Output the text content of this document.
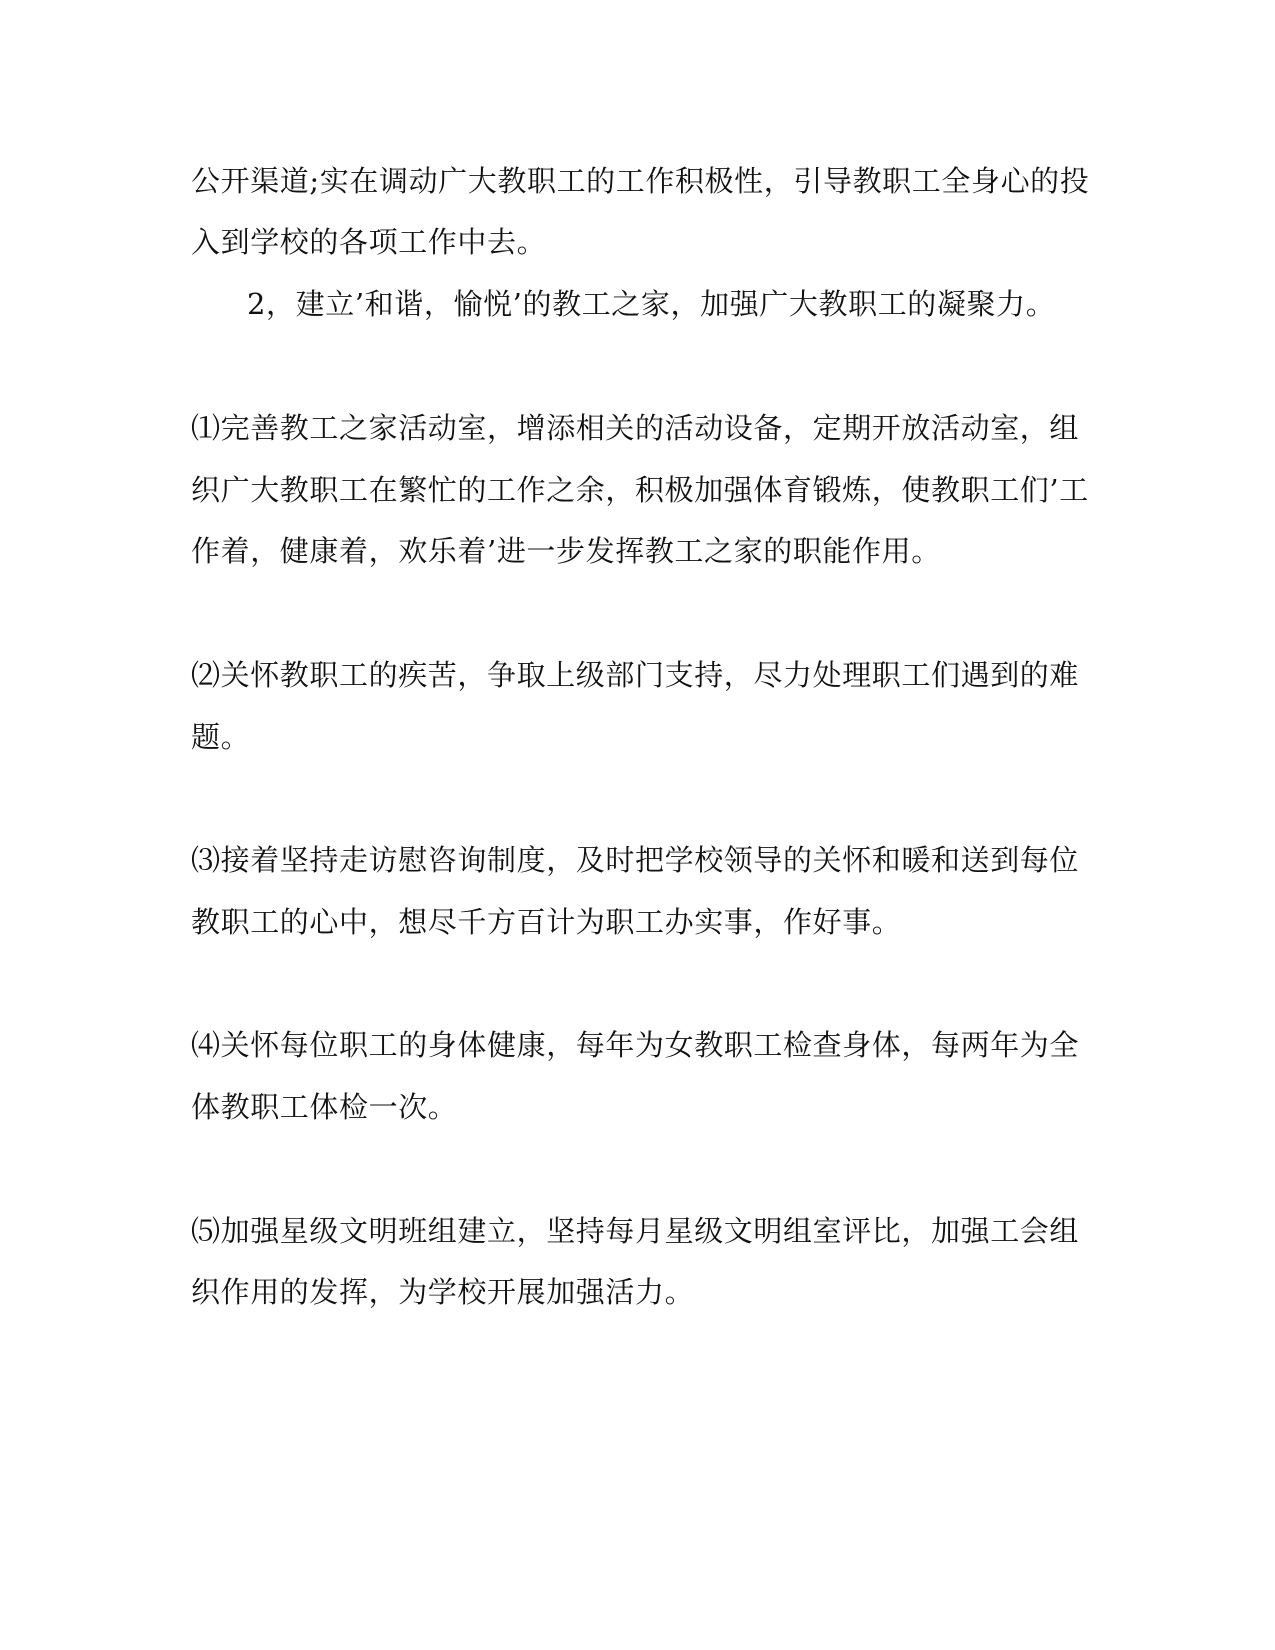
公开渠道;实在调动广大教职工的工作积极性，引导教职工全身心的投
入到学校的各项工作中去。
2，建立’和谐，愉悦’的教工之家，加强广大教职工的凝聚力。
⑴完善教工之家活动室，增添相关的活动设备，定期开放活动室，组
织广大教职工在繁忙的工作之余，积极加强体育锻炼，使教职工们’工
作着，健康着，欢乐着’进一步发挥教工之家的职能作用。
⑵关怀教职工的疾苦，争取上级部门支持，尽力处理职工们遇到的难
题。
⑶接着坚持走访慰咨询制度，及时把学校领导的关怀和暖和送到每位
教职工的心中，想尽千方百计为职工办实事，作好事。
⑷关怀每位职工的身体健康，每年为女教职工检查身体，每两年为全
体教职工体检一次。
⑸加强星级文明班组建立，坚持每月星级文明组室评比，加强工会组
织作用的发挥，为学校开展加强活力。
